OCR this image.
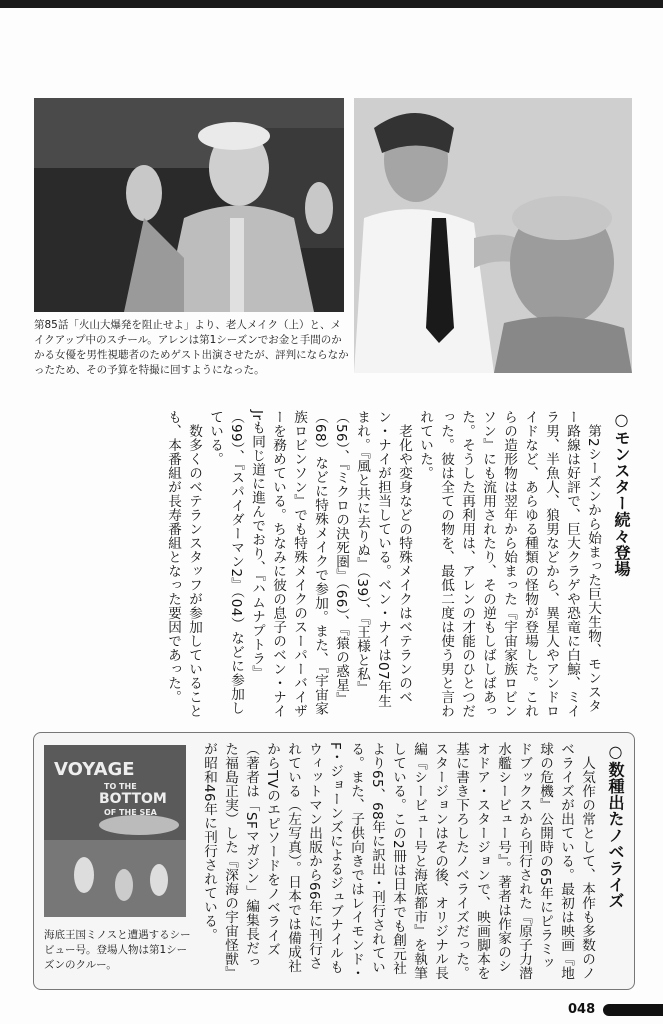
第85話「火山大爆発を阻止せよ」より、老人メイク（上）と、メイクアップ中のスチール。アレンは第1シーズンでお金と手間のかかる女優を男性視聴者のためゲスト出演させたが、評判にならなかったため、その予算を特撮に回すようになった。
○モンスター続々登場

第2シーズンから始まった巨大生物、モンスター路線は好評で、巨大クラゲや恐竜に白鯨、ミイラ男、半魚人、狼男などから、異星人やアンドロイドなど、あらゆる種類の怪物が登場した。これらの造形物は翌年から始まった『宇宙家族ロビンソン』にも流用されたり、その逆もしばしばあった。そうした再利用は、アレンの才能のひとつだった。彼は全ての物を、最低二度は使う男と言われていた。

老化や変身などの特殊メイクはベテランのベン・ナイが担当している。ベン・ナイは07年生まれ。『風と共に去りぬ』（39）、『王様と私』（56）、『ミクロの決死圏』（66）、『猿の惑星』（68）などに特殊メイクで参加。また、『宇宙家族ロビンソン』でも特殊メイクのスーパーバイザーを務めている。ちなみに彼の息子のベン・ナイJrも同じ道に進んでおり、『ハムナプトラ』（99）、『スパイダーマン2』（04）などに参加している。

数多くのベテランスタッフが参加していることも、本番組が長寿番組となった要因であった。

VOYAGE
TO THE
BOTTOM
OF THE SEA
海底王国ミノスと遭遇するシービュー号。登場人物は第1シーズンのクルー。
○数種出たノベライズ

人気作の常として、本作も多数のノベライズが出ている。最初は映画『地球の危機』公開時の65年にピラミッドブックスから刊行された『原子力潜水艦シービュー号』。著者は作家のシオドア・スタージョンで、映画脚本を基に書き下ろしたノベライズだった。スタージョンはその後、オリジナル長編『シービュー号と海底都市』を執筆している。この2冊は日本でも創元社より65、68年に訳出・刊行されている。また、子供向きではレイモンド・F・ジョーンズによるジュブナイルもウィットマン出版から66年に刊行されている（左写真）。日本では備成社からTVのエピソードをノベライズ（著者は「SFマガジン」編集長だった福島正実）した『深海の宇宙怪獣』が昭和46年に刊行されている。

048
